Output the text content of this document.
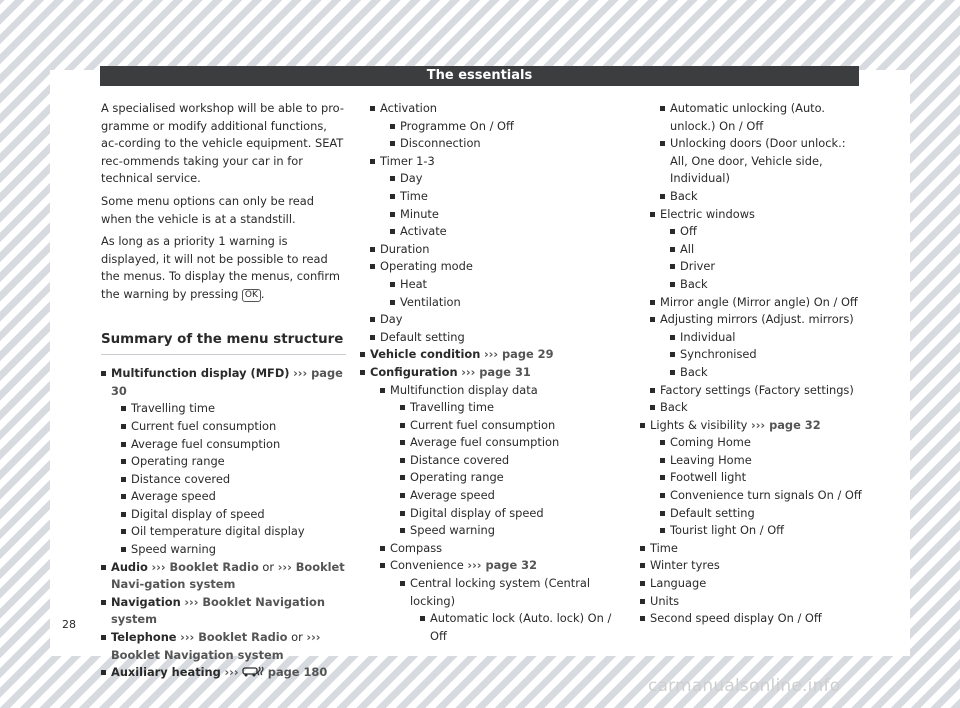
The essentials

A specialised workshop will be able to pro-gramme or modify additional functions, ac-cording to the vehicle equipment. SEAT rec-ommends taking your car in for technical service.

Some menu options can only be read when the vehicle is at a standstill.

As long as a priority 1 warning is displayed, it will not be possible to read the menus. To display the menus, confirm the warning by pressing OK .

Summary of the menu structure
Multifunction display (MFD) ››› page 30
Travelling time
Current fuel consumption
Average fuel consumption
Operating range
Distance covered
Average speed
Digital display of speed
Oil temperature digital display
Speed warning
Audio ››› Booklet Radio or ››› Booklet Navi-gation system
Navigation ››› Booklet Navigation system
Telephone ››› Booklet Radio or ››› Booklet Navigation system
Auxiliary heating ›››	page 180
Activation
Programme On / Off
Disconnection
Timer 1-3
Day
Time
Minute
Activate
Duration
Operating mode
Heat
Ventilation
Day
Default setting
Vehicle condition ››› page 29
Configuration ››› page 31
Multifunction display data
Travelling time
Current fuel consumption
Average fuel consumption
Distance covered
Operating range
Average speed
Digital display of speed
Speed warning
Compass
Convenience ››› page 32
Central locking system (Central locking)
Automatic lock (Auto. lock) On / Off
Automatic unlocking (Auto. unlock.) On / Off
Unlocking doors (Door unlock.: All, One door, Vehicle side, Individual)
Back
Electric windows
Off
All
Driver
Back
Mirror angle (Mirror angle) On / Off
Adjusting mirrors (Adjust. mirrors)
Individual
Synchronised
Back
Factory settings (Factory settings)
Back
Lights & visibility ››› page 32
Coming Home
Leaving Home
Footwell light
Convenience turn signals On / Off
Default setting
Tourist light On / Off
Time
Winter tyres
Language
Units
Second speed display On / Off
28
carmanualsonline.info
